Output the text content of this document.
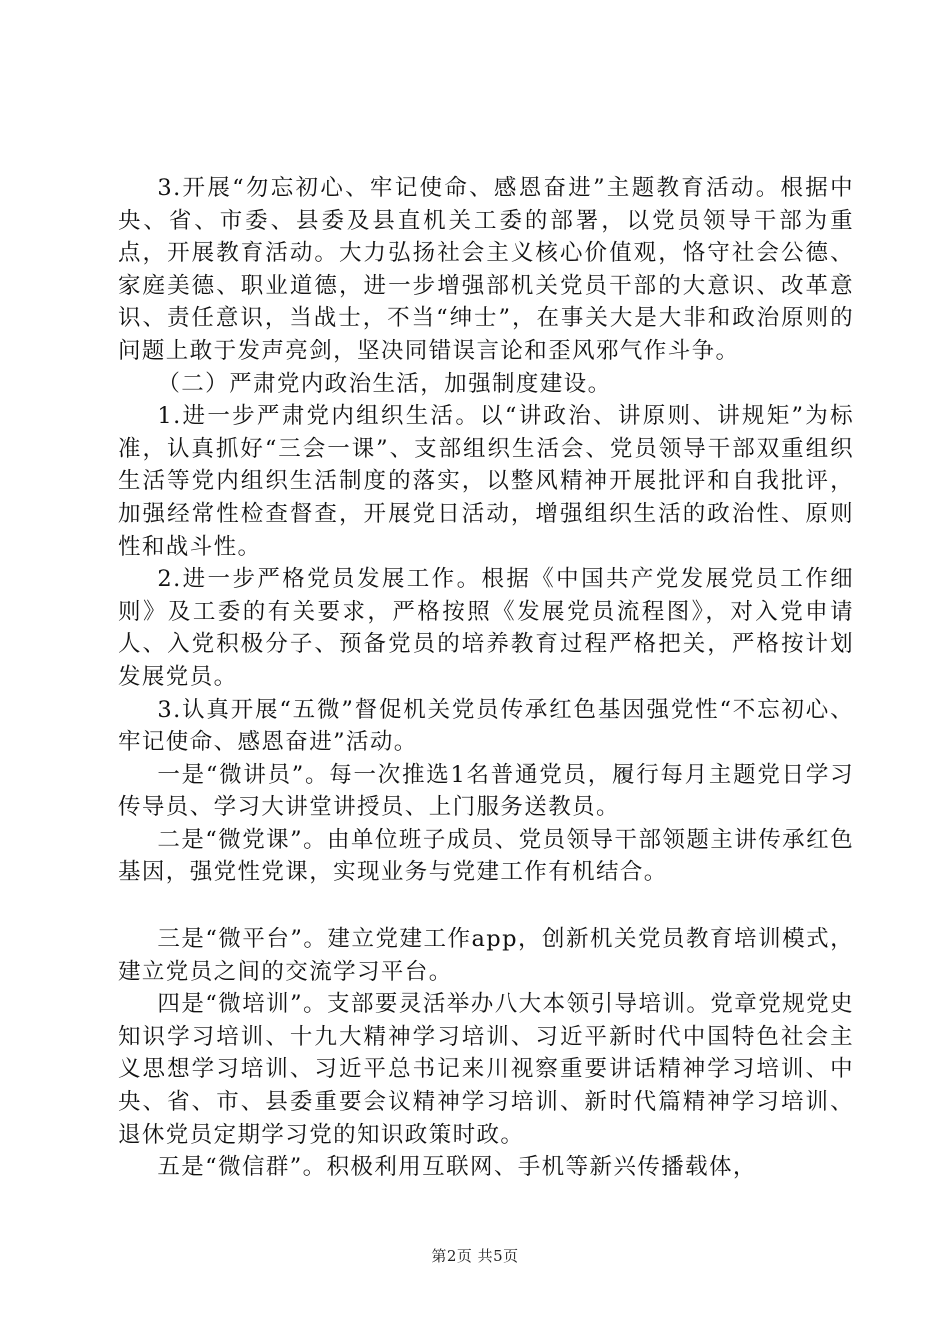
3.开展“勿忘初心、牢记使命、感恩奋进”主题教育活动。根据中央、省、市委、县委及县直机关工委的部署，以党员领导干部为重点，开展教育活动。大力弘扬社会主义核心价值观，恪守社会公德、家庭美德、职业道德，进一步增强部机关党员干部的大意识、改革意识、责任意识，当战士，不当“绅士”，在事关大是大非和政治原则的问题上敢于发声亮剑，坚决同错误言论和歪风邪气作斗争。

（二）严肃党内政治生活，加强制度建设。

1.进一步严肃党内组织生活。以“讲政治、讲原则、讲规矩”为标准，认真抓好“三会一课”、支部组织生活会、党员领导干部双重组织生活等党内组织生活制度的落实，以整风精神开展批评和自我批评，加强经常性检查督查，开展党日活动，增强组织生活的政治性、原则性和战斗性。

2.进一步严格党员发展工作。根据《中国共产党发展党员工作细则》及工委的有关要求，严格按照《发展党员流程图》，对入党申请人、入党积极分子、预备党员的培养教育过程严格把关，严格按计划发展党员。

3.认真开展“五微”督促机关党员传承红色基因强党性“不忘初心、牢记使命、感恩奋进”活动。

一是“微讲员”。每一次推选1名普通党员，履行每月主题党日学习传导员、学习大讲堂讲授员、上门服务送教员。

二是“微党课”。由单位班子成员、党员领导干部领题主讲传承红色基因，强党性党课，实现业务与党建工作有机结合。

三是“微平台”。建立党建工作app，创新机关党员教育培训模式，建立党员之间的交流学习平台。

四是“微培训”。支部要灵活举办八大本领引导培训。党章党规党史知识学习培训、十九大精神学习培训、习近平新时代中国特色社会主义思想学习培训、习近平总书记来川视察重要讲话精神学习培训、中央、省、市、县委重要会议精神学习培训、新时代篇精神学习培训、退休党员定期学习党的知识政策时政。

五是“微信群”。积极利用互联网、手机等新兴传播载体，

第2页 共5页
